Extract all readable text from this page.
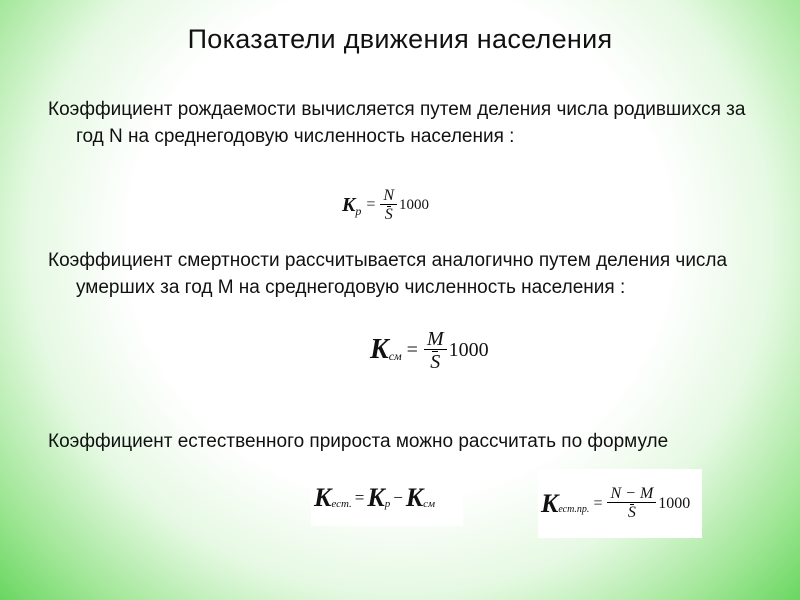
Показатели движения населения
Коэффициент рождаемости вычисляется путем деления числа родившихся за год N на среднегодовую численность населения :
K $р = \frac{N}{S} 1000$
Коэффициент смертности рассчитывается аналогично путем деления числа умерших за год M на среднегодовую численность населения :
K см = $\frac{M}{S} 1000$
Коэффициент естественного прироста можно рассчитать по формуле
K ест. = K р − K см	K ест.пр. = $\frac{N - M}{S} 1000$
